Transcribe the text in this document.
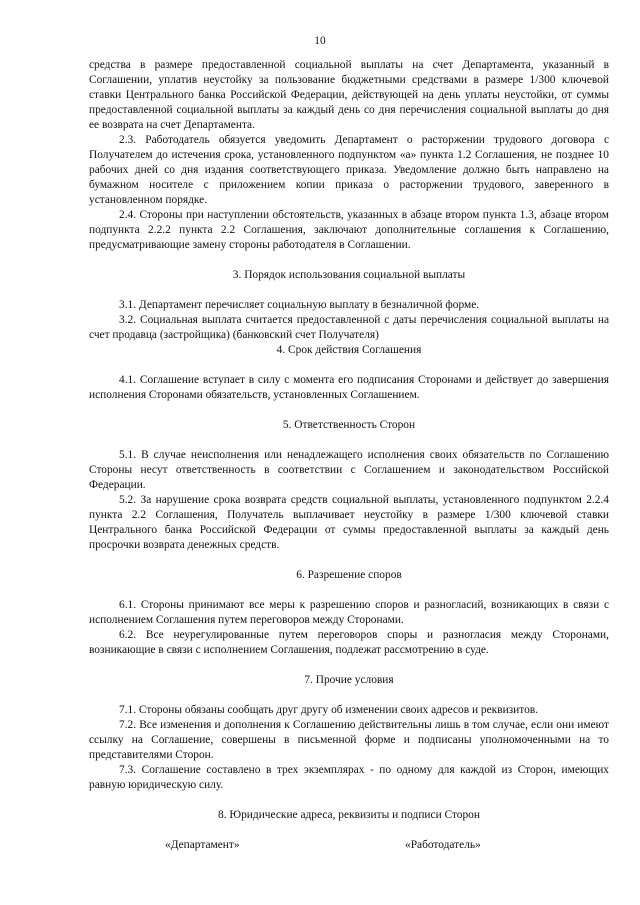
10

средства в размере предоставленной социальной выплаты на счет Департамента, указанный в Соглашении, уплатив неустойку за пользование бюджетными средствами в размере 1/300 ключевой ставки Центрального банка Российской Федерации, действующей на день уплаты неустойки, от суммы предоставленной социальной выплаты за каждый день со дня перечисления социальной выплаты до дня ее возврата на счет Департамента.

2.3. Работодатель обязуется уведомить Департамент о расторжении трудового договора с Получателем до истечения срока, установленного подпунктом «а» пункта 1.2 Соглашения, не позднее 10 рабочих дней со дня издания соответствующего приказа. Уведомление должно быть направлено на бумажном носителе с приложением копии приказа о расторжении трудового, заверенного в установленном порядке.

2.4. Стороны при наступлении обстоятельств, указанных в абзаце втором пункта 1.3, абзаце втором подпункта 2.2.2 пункта 2.2 Соглашения, заключают дополнительные соглашения к Соглашению, предусматривающие замену стороны работодателя в Соглашении.

3. Порядок использования социальной выплаты

3.1. Департамент перечисляет социальную выплату в безналичной форме.

3.2. Социальная выплата считается предоставленной с даты перечисления социальной выплаты на счет продавца (застройщика) (банковский счет Получателя)

4. Срок действия Соглашения

4.1. Соглашение вступает в силу с момента его подписания Сторонами и действует до завершения исполнения Сторонами обязательств, установленных Соглашением.

5. Ответственность Сторон

5.1. В случае неисполнения или ненадлежащего исполнения своих обязательств по Соглашению Стороны несут ответственность в соответствии с Соглашением и законодательством Российской Федерации.

5.2. За нарушение срока возврата средств социальной выплаты, установленного подпунктом 2.2.4 пункта 2.2 Соглашения, Получатель выплачивает неустойку в размере 1/300 ключевой ставки Центрального банка Российской Федерации от суммы предоставленной выплаты за каждый день просрочки возврата денежных средств.

6. Разрешение споров

6.1. Стороны принимают все меры к разрешению споров и разногласий, возникающих в связи с исполнением Соглашения путем переговоров между Сторонами.

6.2. Все неурегулированные путем переговоров споры и разногласия между Сторонами, возникающие в связи с исполнением Соглашения, подлежат рассмотрению в суде.

7. Прочие условия

7.1. Стороны обязаны сообщать друг другу об изменении своих адресов и реквизитов.

7.2. Все изменения и дополнения к Соглашению действительны лишь в том случае, если они имеют ссылку на Соглашение, совершены в письменной форме и подписаны уполномоченными на то представителями Сторон.

7.3. Соглашение составлено в трех экземплярах - по одному для каждой из Сторон, имеющих равную юридическую силу.

8. Юридические адреса, реквизиты и подписи Сторон
«Департамент»	«Работодатель»
